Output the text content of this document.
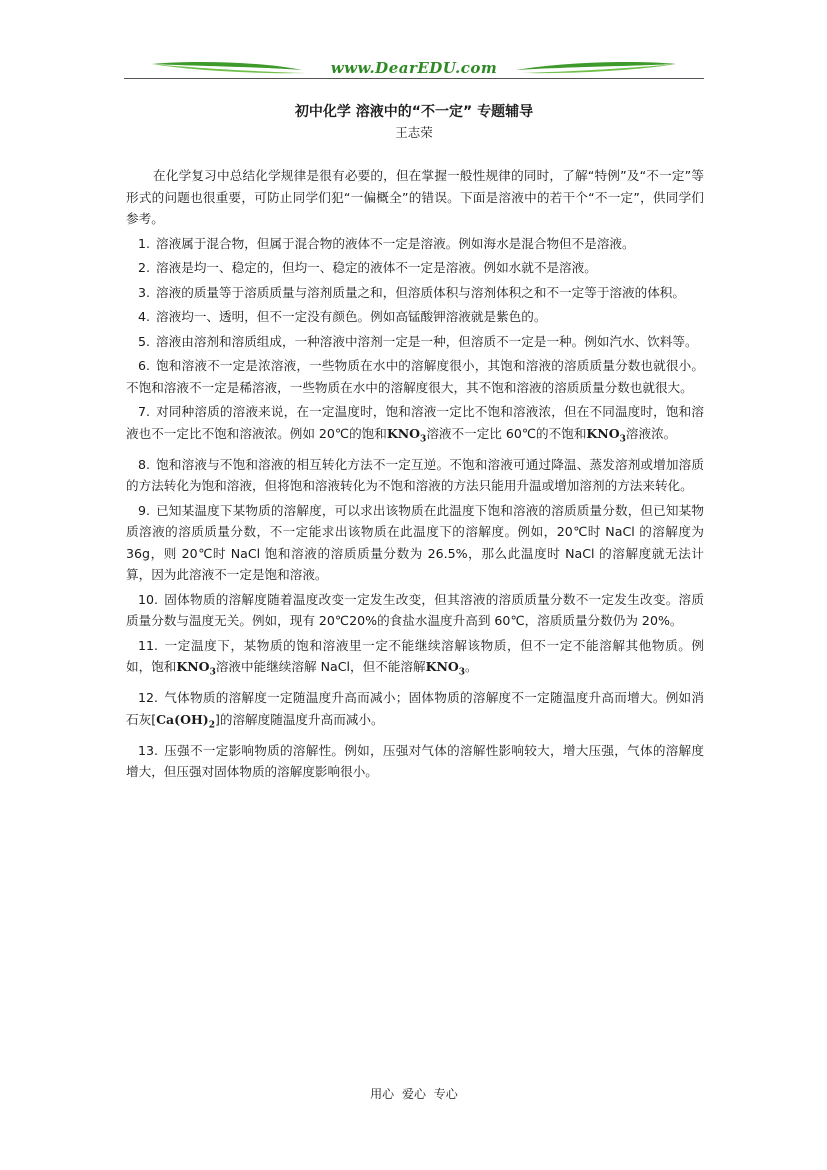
www.DearEDU.com
初中化学 溶液中的“不一定” 专题辅导
王志荣

在化学复习中总结化学规律是很有必要的，但在掌握一般性规律的同时，了解“特例”及“不一定”等形式的问题也很重要，可防止同学们犯“一偏概全”的错误。下面是溶液中的若干个“不一定”，供同学们参考。

1. 溶液属于混合物，但属于混合物的液体不一定是溶液。例如海水是混合物但不是溶液。

2. 溶液是均一、稳定的，但均一、稳定的液体不一定是溶液。例如水就不是溶液。

3. 溶液的质量等于溶质质量与溶剂质量之和，但溶质体积与溶剂体积之和不一定等于溶液的体积。

4. 溶液均一、透明，但不一定没有颜色。例如高锰酸钾溶液就是紫色的。

5. 溶液由溶剂和溶质组成，一种溶液中溶剂一定是一种，但溶质不一定是一种。例如汽水、饮料等。

6. 饱和溶液不一定是浓溶液，一些物质在水中的溶解度很小，其饱和溶液的溶质质量分数也就很小。不饱和溶液不一定是稀溶液，一些物质在水中的溶解度很大，其不饱和溶液的溶质质量分数也就很大。

7. 对同种溶质的溶液来说，在一定温度时，饱和溶液一定比不饱和溶液浓，但在不同温度时，饱和溶液也不一定比不饱和溶液浓。例如 20℃的饱和$KNO_3$溶液不一定比 60℃的不饱和$KNO_3$溶液浓。

8. 饱和溶液与不饱和溶液的相互转化方法不一定互逆。不饱和溶液可通过降温、蒸发溶剂或增加溶质的方法转化为饱和溶液，但将饱和溶液转化为不饱和溶液的方法只能用升温或增加溶剂的方法来转化。

9. 已知某温度下某物质的溶解度，可以求出该物质在此温度下饱和溶液的溶质质量分数，但已知某物质溶液的溶质质量分数，不一定能求出该物质在此温度下的溶解度。例如，20℃时 NaCl 的溶解度为 36g，则 20℃时 NaCl 饱和溶液的溶质质量分数为 26.5%，那么此温度时 NaCl 的溶解度就无法计算，因为此溶液不一定是饱和溶液。

10. 固体物质的溶解度随着温度改变一定发生改变，但其溶液的溶质质量分数不一定发生改变。溶质质量分数与温度无关。例如，现有 20℃20%的食盐水温度升高到 60℃，溶质质量分数仍为 20%。

11. 一定温度下，某物质的饱和溶液里一定不能继续溶解该物质，但不一定不能溶解其他物质。例如，饱和$KNO_3$溶液中能继续溶解 NaCl，但不能溶解$KNO_3$。

12. 气体物质的溶解度一定随温度升高而减小；固体物质的溶解度不一定随温度升高而增大。例如消石灰$[Ca(OH)_2]$的溶解度随温度升高而减小。

13. 压强不一定影响物质的溶解性。例如，压强对气体的溶解性影响较大，增大压强，气体的溶解度增大，但压强对固体物质的溶解度影响很小。

用心 爱心 专心
